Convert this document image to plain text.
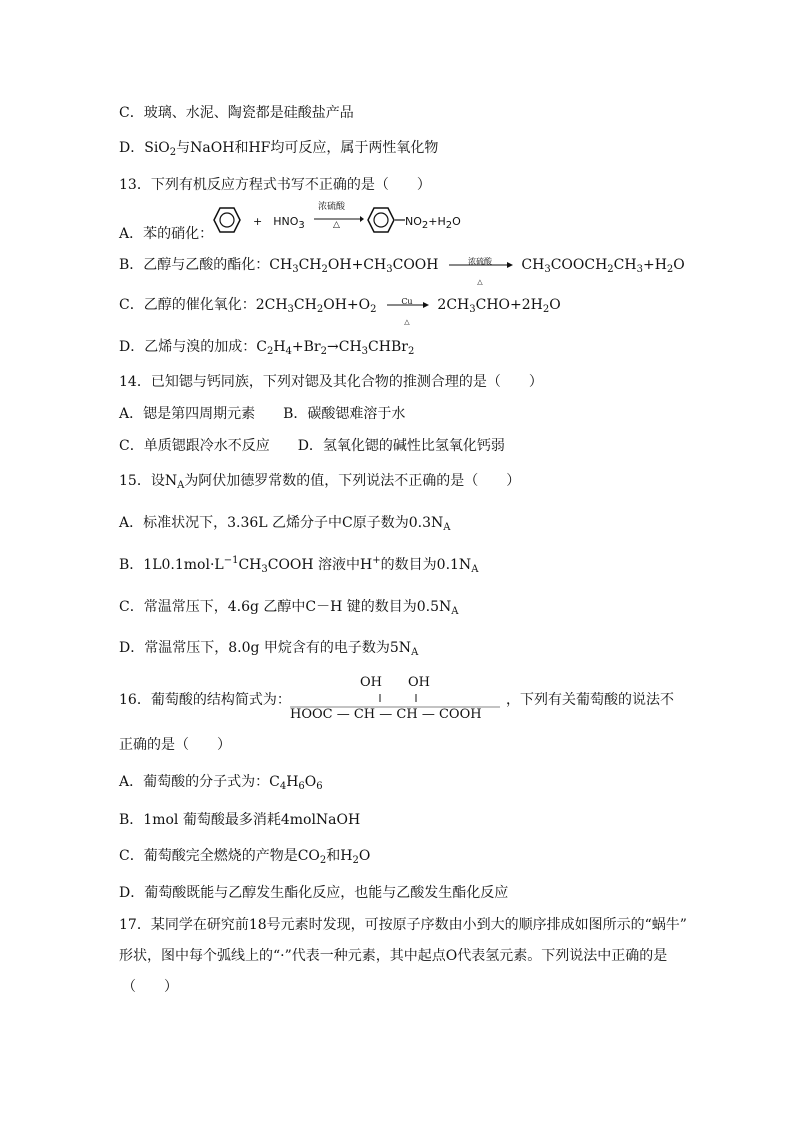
C．玻璃、水泥、陶瓷都是硅酸盐产品
D．SiO$_2$与NaOH和HF均可反应，属于两性氧化物
13．下列有机反应方程式书写不正确的是（　　）
A．苯的硝化：
+　$HNO_3$ →
浓硫酸
△	$NO_2+H_2O$
B．乙醇与乙酸的酯化：$CH_3CH_2OH+CH_3COOH$	浓硫酸
△
$CH_3COOCH_2CH_3+H_2O$
C．乙醇的催化氧化：$2CH_3CH_2OH+O_2$
Cu
△
$2CH_3CHO+2H_2O$
D．乙烯与溴的加成：$C_2H_4+Br_2\to CH_3CHBr_2$
14．已知锶与钙同族，下列对锶及其化合物的推测合理的是（　　）
A．锶是第四周期元素　　B．碳酸锶难溶于水
C．单质锶跟冷水不反应　　D．氢氧化锶的碱性比氢氧化钙弱
15．设$N_A$为阿伏加德罗常数的值，下列说法不正确的是（　　）
A．标准状况下，3.36L 乙烯分子中C原子数为$0.3N_A$
B．$1L0.1mol\cdot L^{-1}CH_3COOH$ 溶液中H+的数目为$0.1N_A$
C．常温常压下，4.6g 乙醇中C－H 键的数目为$0.5N_A$
D．常温常压下，8.0g 甲烷含有的电子数为$5N_A$
16．葡萄酸的结构简式为：
OH　　OH
HOOC — CH — CH — COOH
，下列有关葡萄酸的说法不
正确的是（　　）
A．葡萄酸的分子式为：$C_4H_6O_6$
B．1mol 葡萄酸最多消耗4molNaOH
C．葡萄酸完全燃烧的产物是$CO_2$和$H_2O$
D．葡萄酸既能与乙醇发生酯化反应，也能与乙酸发生酯化反应
17．某同学在研究前18号元素时发现，可按原子序数由小到大的顺序排成如图所示的“蜗牛”
形状，图中每个弧线上的“·”代表一种元素，其中起点O代表氢元素。下列说法中正确的是
（　　）
